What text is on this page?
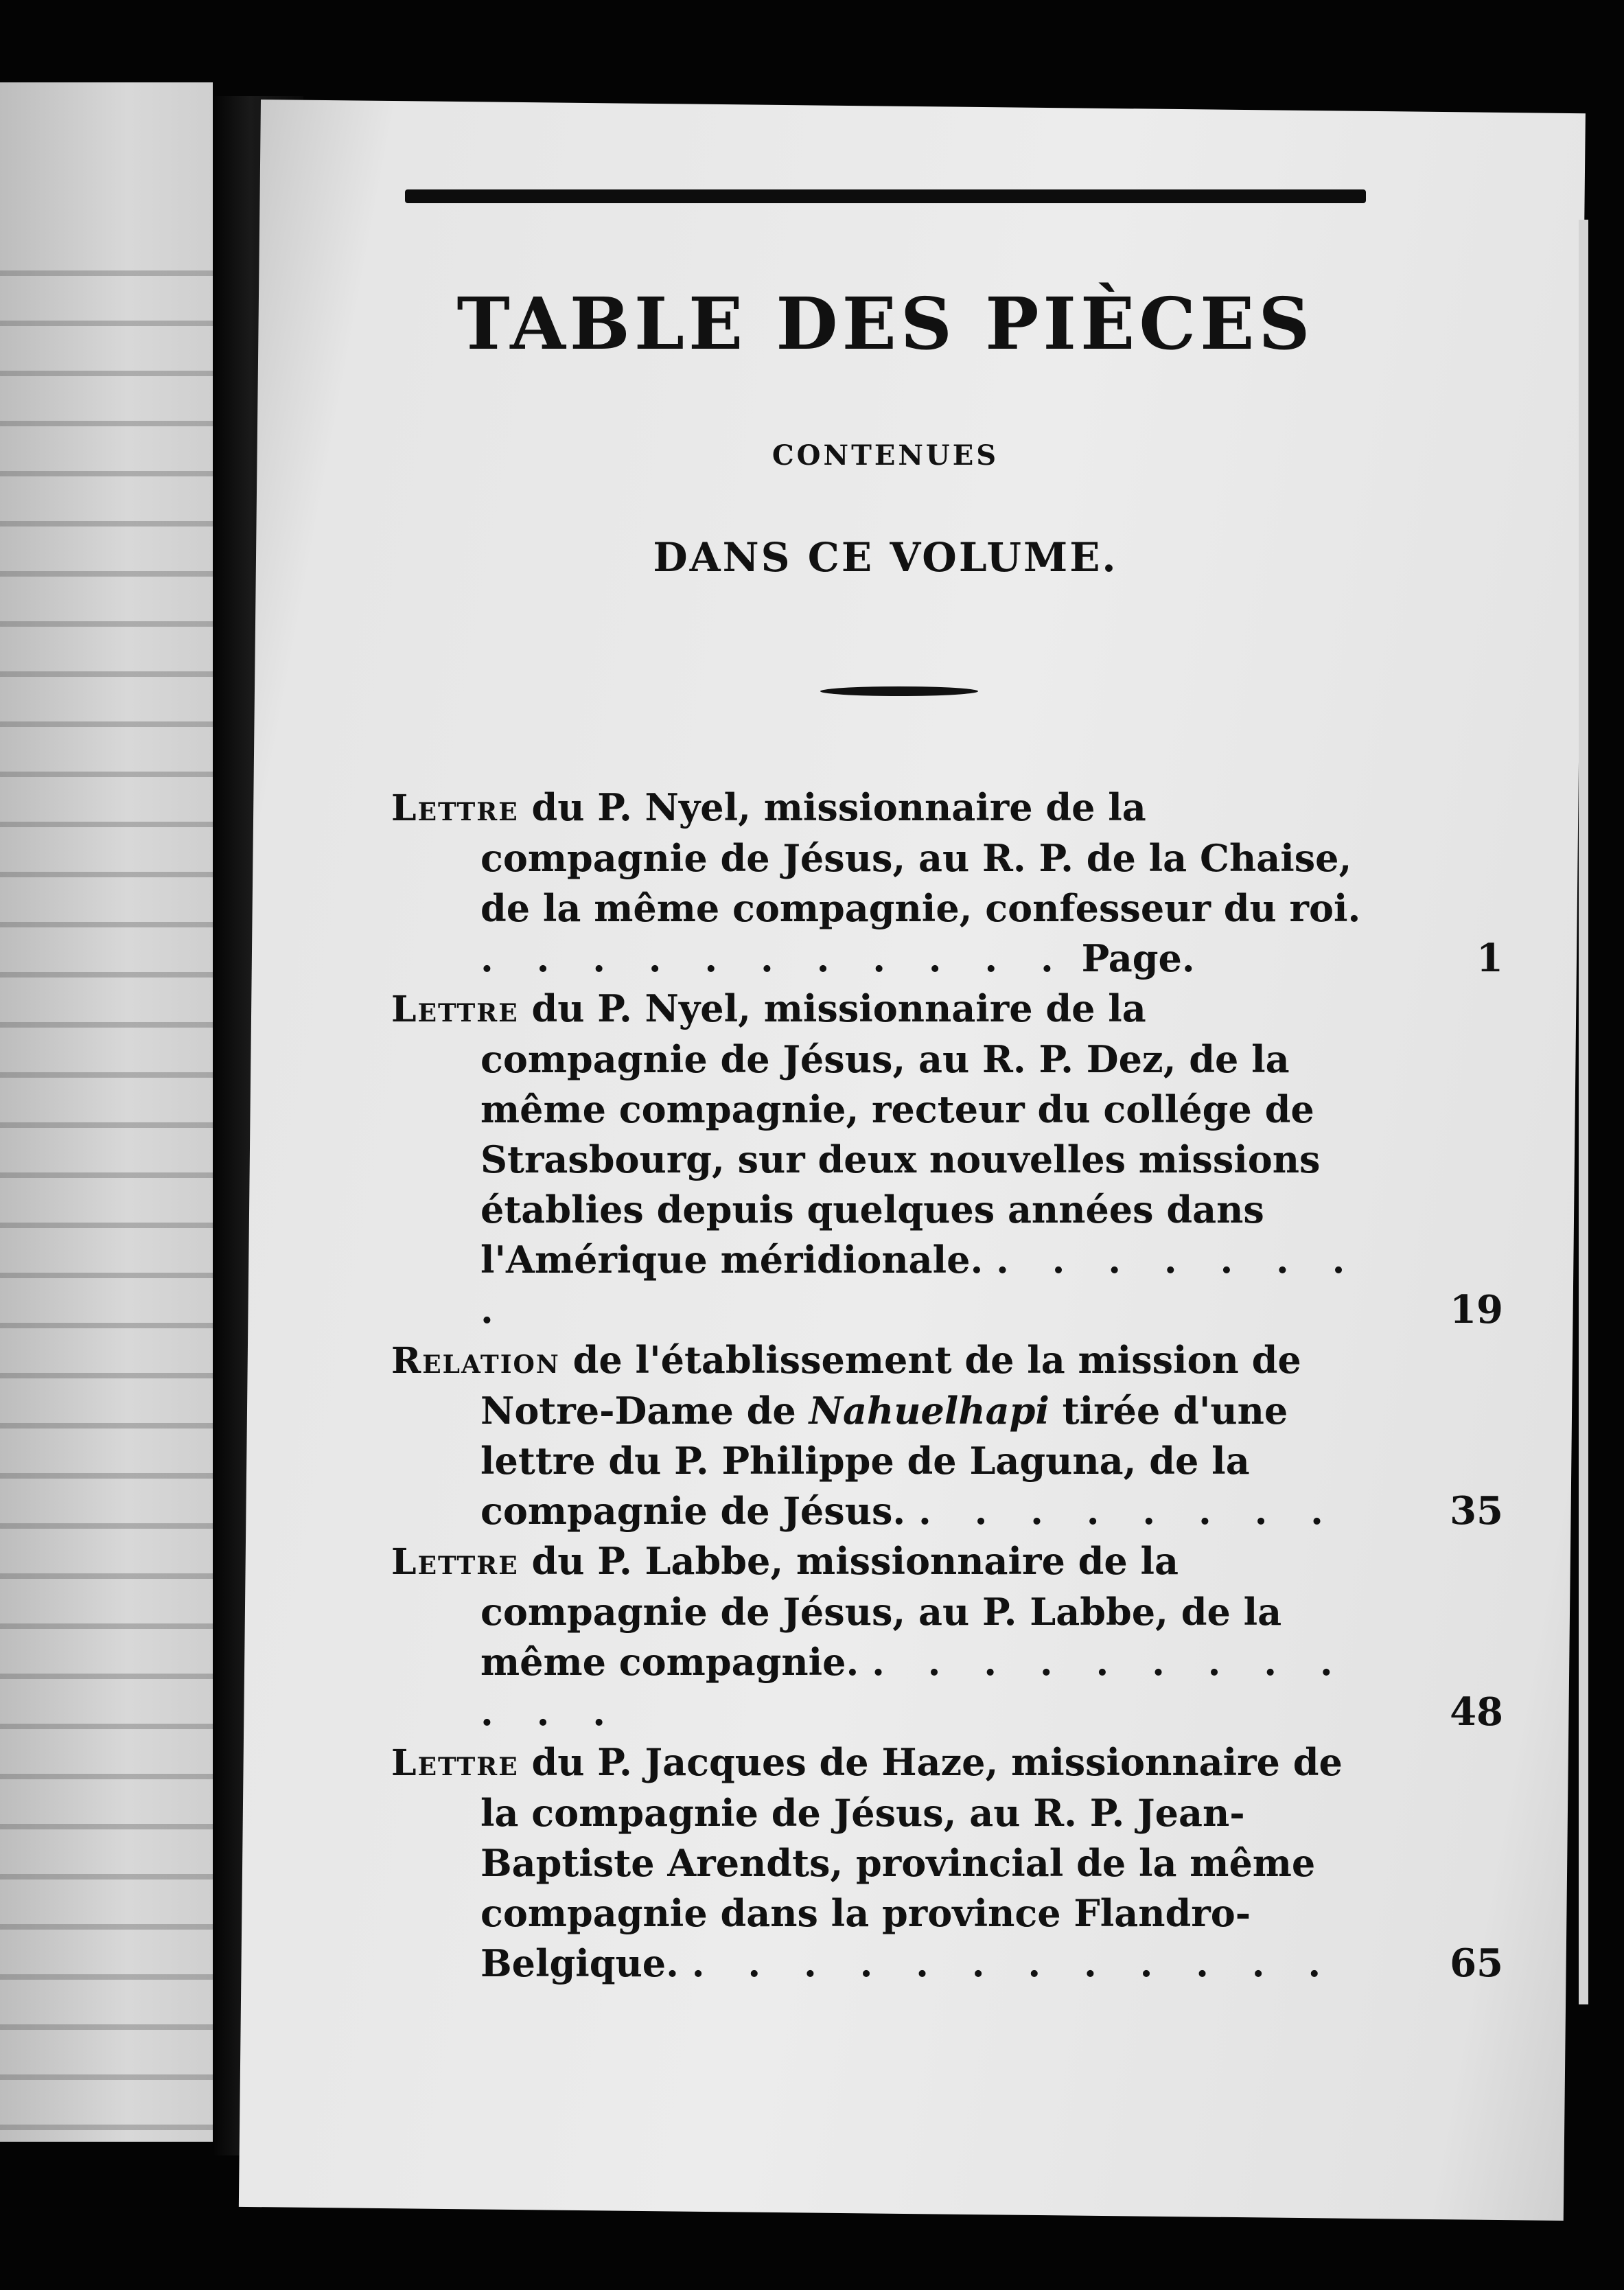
TABLE DES PIÈCES
CONTENUES
DANS CE VOLUME.
Lettre du P. Nyel, missionnaire de la compagnie de Jésus, au R. P. de la Chaise, de la même compagnie, confesseur du roi. . . . . . . . . . . . Page.	1
Lettre du P. Nyel, missionnaire de la compagnie de Jésus, au R. P. Dez, de la même compagnie, recteur du collége de Strasbourg, sur deux nouvelles missions établies depuis quelques années dans l'Amérique méridionale. . . . . . . . .	19
Relation de l'établissement de la mission de Notre-Dame de Nahuelhapi tirée d'une lettre du P. Philippe de Laguna, de la compagnie de Jésus. . . . . . . . .	35
Lettre du P. Labbe, missionnaire de la compagnie de Jésus, au P. Labbe, de la même compagnie. . . . . . . . . . . . .	48
Lettre du P. Jacques de Haze, missionnaire de la compagnie de Jésus, au R. P. Jean-Baptiste Arendts, provincial de la même compagnie dans la province Flandro-Belgique. . . . . . . . . . . . .	65
